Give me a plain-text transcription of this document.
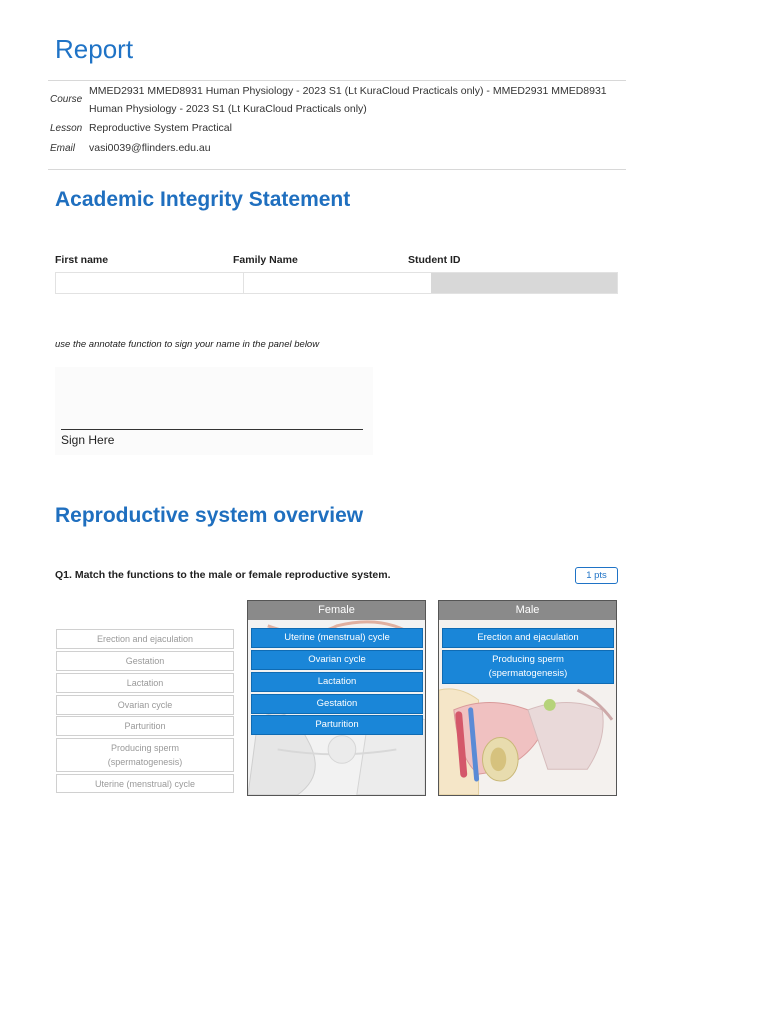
Report
Course
MMED2931 MMED8931 Human Physiology - 2023 S1 (Lt KuraCloud Practicals only) - MMED2931 MMED8931 Human Physiology - 2023 S1 (Lt KuraCloud Practicals only)
Lesson Reproductive System Practical
Email vasi0039@flinders.edu.au
Academic Integrity Statement
First name	Family Name	Student ID
use the annotate function to sign your name in the panel below
Sign Here
Reproductive system overview
Q1. Match the functions to the male or female reproductive system.	1 pts
Erection and ejaculation
Gestation
Lactation
Ovarian cycle
Parturition
Producing sperm (spermatogenesis)
Uterine (menstrual) cycle
Female
Uterine (menstrual) cycle
Ovarian cycle
Lactation
Gestation
Parturition
Male
Erection and ejaculation
Producing sperm (spermatogenesis)
